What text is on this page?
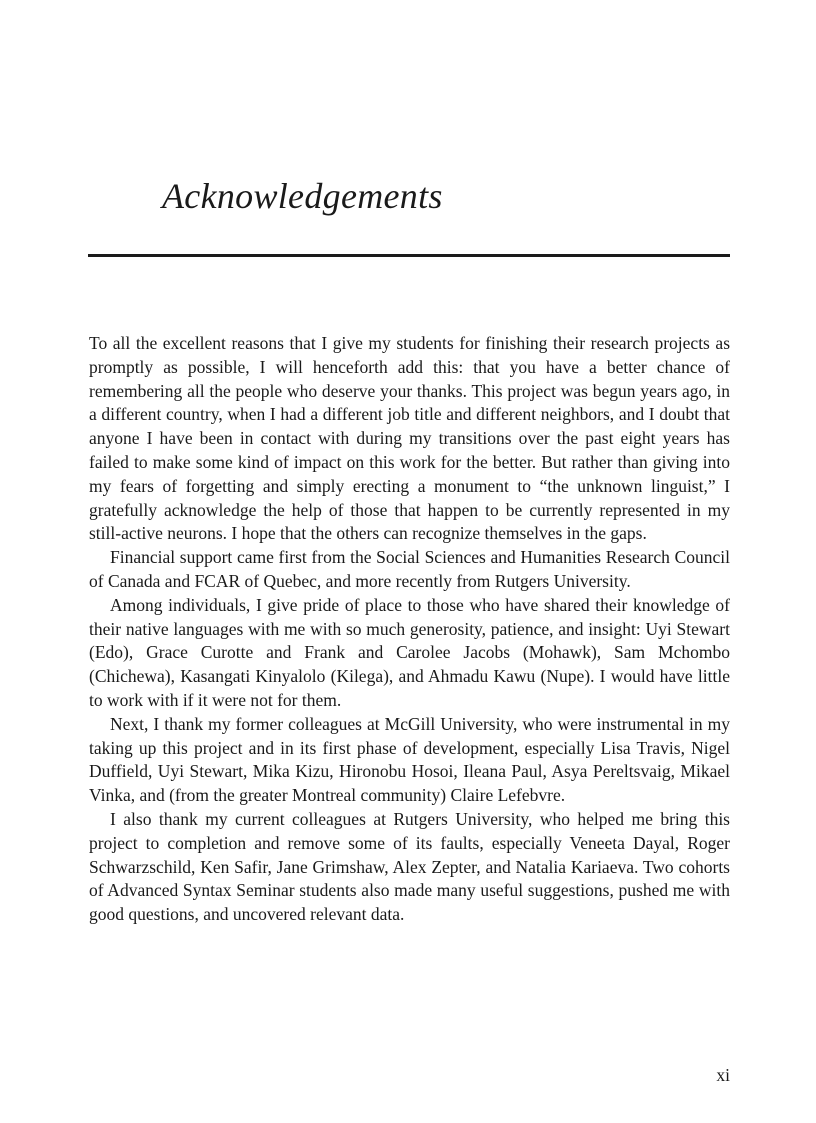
Acknowledgements

To all the excellent reasons that I give my students for finishing their research projects as promptly as possible, I will henceforth add this: that you have a better chance of remembering all the people who deserve your thanks. This project was begun years ago, in a different country, when I had a different job title and different neighbors, and I doubt that anyone I have been in contact with during my transitions over the past eight years has failed to make some kind of impact on this work for the better. But rather than giving into my fears of forgetting and simply erecting a monument to “the unknown linguist,” I gratefully acknowledge the help of those that happen to be currently represented in my still-active neurons. I hope that the others can recognize themselves in the gaps.

Financial support came first from the Social Sciences and Humanities Research Council of Canada and FCAR of Quebec, and more recently from Rutgers University.

Among individuals, I give pride of place to those who have shared their knowledge of their native languages with me with so much generosity, patience, and insight: Uyi Stewart (Edo), Grace Curotte and Frank and Carolee Jacobs (Mohawk), Sam Mchombo (Chichewa), Kasangati Kinyalolo (Kilega), and Ahmadu Kawu (Nupe). I would have little to work with if it were not for them.

Next, I thank my former colleagues at McGill University, who were instrumental in my taking up this project and in its first phase of development, especially Lisa Travis, Nigel Duffield, Uyi Stewart, Mika Kizu, Hironobu Hosoi, Ileana Paul, Asya Pereltsvaig, Mikael Vinka, and (from the greater Montreal community) Claire Lefebvre.

I also thank my current colleagues at Rutgers University, who helped me bring this project to completion and remove some of its faults, especially Veneeta Dayal, Roger Schwarzschild, Ken Safir, Jane Grimshaw, Alex Zepter, and Natalia Kariaeva. Two cohorts of Advanced Syntax Seminar students also made many useful suggestions, pushed me with good questions, and uncovered relevant data.

xi
